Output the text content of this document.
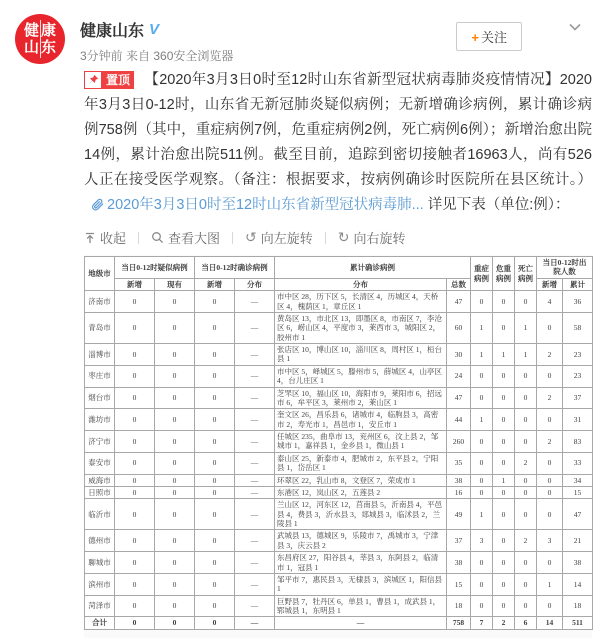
健康
山东
健康山东 V
3分钟前 来自 360安全浏览器
+ 关注

置顶 【2020年3月3日0时至12时山东省新型冠状病毒肺炎疫情情况】2020年3月3日0-12时，山东省无新冠肺炎疑似病例；无新增确诊病例，累计确诊病例758例（其中，重症病例7例，危重症病例2例，死亡病例6例）；新增治愈出院14例，累计治愈出院511例。截至目前，追踪到密切接触者16963人，尚有526人正在接受医学观察。（备注：根据要求，按病例确诊时医院所在县区统计。）
2020年3月3日0时至12时山东省新型冠状病毒肺... 详见下表（单位:例）：

收起	查看大图 ↺ 向左旋转 ↻ 向右旋转
地级市	当日0-12时疑似病例		当日0-12时确诊病例		累计确诊病例		重症病例	危重病例	死亡病例	当日0-12时出院人数	
	新增	现有	新增	分布	分布	总数				新增	累计
济南市	0	0	0	—	市中区 28，历下区 5，长清区 4，历城区 4，天桥区 4，槐荫区 1，章丘区 1	47	0	0	0	4	36
青岛市	0	0	0	—	黄岛区 13，市北区 13，即墨区 8，市南区 7，李沧区 6，崂山区 4，平度市 3，莱西市 3，城阳区 2，胶州市 1	60	1	0	1	0	58
淄博市	0	0	0	—	张店区 10，博山区 10，淄川区 8，周村区 1，桓台县 1	30	1	1	1	2	23
枣庄市	0	0	0	—	市中区 5，峄城区 5，滕州市 5，薛城区 4，山亭区 4，台儿庄区 1	24	0	0	0	0	23
烟台市	0	0	0	—	芝罘区 10，福山区 10，海阳市 9，莱阳市 6，招远市 6，牟平区 3，莱州市 2，莱山区 1	47	0	0	0	2	37
潍坊市	0	0	0	—	奎文区 26，昌乐县 6，诸城市 4，临朐县 3，高密市 2，寿光市 1，昌邑市 1，安丘市 1	44	1	0	0	0	31
济宁市	0	0	0	—	任城区 235，曲阜市 13，兖州区 6，汶上县 2，邹城市 1，嘉祥县 1，金乡县 1，微山县 1	260	0	0	0	2	83
泰安市	0	0	0	—	泰山区 25，新泰市 4，肥城市 2，东平县 2，宁阳县 1，岱岳区 1	35	0	0	2	0	33
威海市	0	0	0	—	环翠区 22，乳山市 8，文登区 7，荣成市 1	38	0	1	0	0	34
日照市	0	0	0	—	东港区 12，岚山区 2，五莲县 2	16	0	0	0	0	15
临沂市	0	0	0	—	兰山区 12，河东区 12，莒南县 5，沂南县 4，平邑县 4，费县 3，沂水县 3，郯城县 3，临沭县 2，兰陵县 1	49	1	0	0	0	47
德州市	0	0	0	—	武城县 13，德城区 9，乐陵市 7，禹城市 3，宁津县 3，庆云县 2	37	3	0	2	3	21
聊城市	0	0	0	—	东昌府区 27，阳谷县 4，莘县 3，东阿县 2，临清市 1，冠县 1	38	0	0	0	0	38
滨州市	0	0	0	—	邹平市 7，惠民县 3，无棣县 3，滨城区 1，阳信县 1	15	0	0	0	1	14
菏泽市	0	0	0	—	巨野县 7，牡丹区 6，单县 1，曹县 1，成武县 1，郓城县 1，东明县 1	18	0	0	0	0	18
合计	0	0	0	—	—	758	7	2	6	14	511
